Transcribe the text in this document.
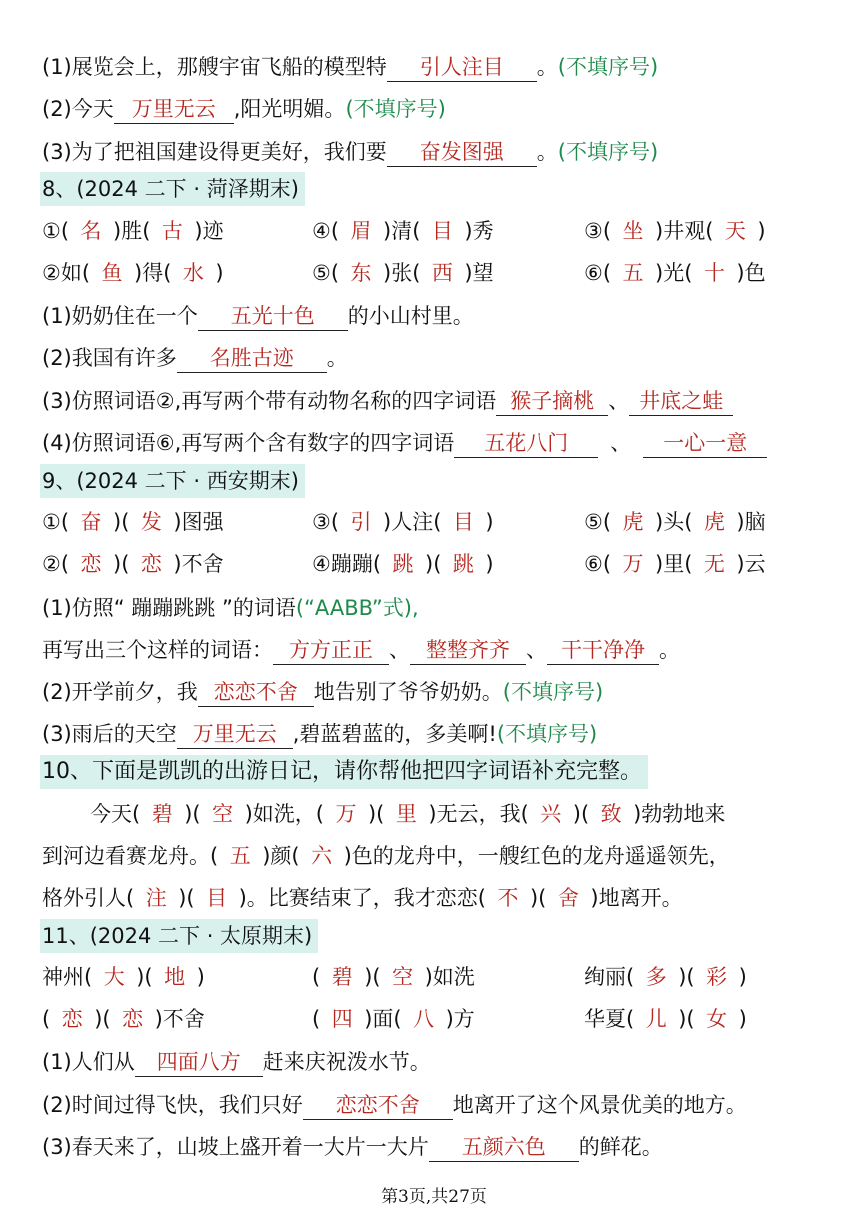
(1)展览会上，那艘宇宙飞船的模型特 引人注目 。(不填序号)
(2)今天 万里无云 ,阳光明媚。(不填序号)
(3)为了把祖国建设得更美好，我们要 奋发图强 。(不填序号)
8、(2024 二下 · 菏泽期末)
①( 名 )胜( 古 )迹	④( 眉 )清( 目 )秀	③( 坐 )井观( 天 )
②如( 鱼 )得( 水 )	⑤( 东 )张( 西 )望	⑥( 五 )光( 十 )色
(1)奶奶住在一个 五光十色 的小山村里。
(2)我国有许多 名胜古迹 。
(3)仿照词语②,再写两个带有动物名称的四字词语 猴子摘桃 、 井底之蛙
(4)仿照词语⑥,再写两个含有数字的四字词语 五花八门 、 一心一意
9、(2024 二下 · 西安期末)
①( 奋 )( 发 )图强	③( 引 )人注( 目 )	⑤( 虎 )头( 虎 )脑
②( 恋 )( 恋 )不舍	④蹦蹦( 跳 )( 跳 )	⑥( 万 )里( 无 )云
(1)仿照“ 蹦蹦跳跳 ”的词语(“AABB”式),
再写出三个这样的词语： 方方正正 、 整整齐齐 、 干干净净 。
(2)开学前夕，我 恋恋不舍 地告别了爷爷奶奶。(不填序号)
(3)雨后的天空 万里无云 ,碧蓝碧蓝的，多美啊!(不填序号)
10、下面是凯凯的出游日记，请你帮他把四字词语补充完整。
今天( 碧 )( 空 )如洗，( 万 )( 里 )无云，我( 兴 )( 致 )勃勃地来
到河边看赛龙舟。( 五 )颜( 六 )色的龙舟中，一艘红色的龙舟遥遥领先，
格外引人( 注 )( 目 )。比赛结束了，我才恋恋( 不 )( 舍 )地离开。
11、(2024 二下 · 太原期末)
神州( 大 )( 地 )	( 碧 )( 空 )如洗	绚丽( 多 )( 彩 )
( 恋 )( 恋 )不舍	( 四 )面( 八 )方	华夏( 儿 )( 女 )
(1)人们从 四面八方 赶来庆祝泼水节。
(2)时间过得飞快，我们只好 恋恋不舍 地离开了这个风景优美的地方。
(3)春天来了，山坡上盛开着一大片一大片 五颜六色 的鲜花。
第3页,共27页
